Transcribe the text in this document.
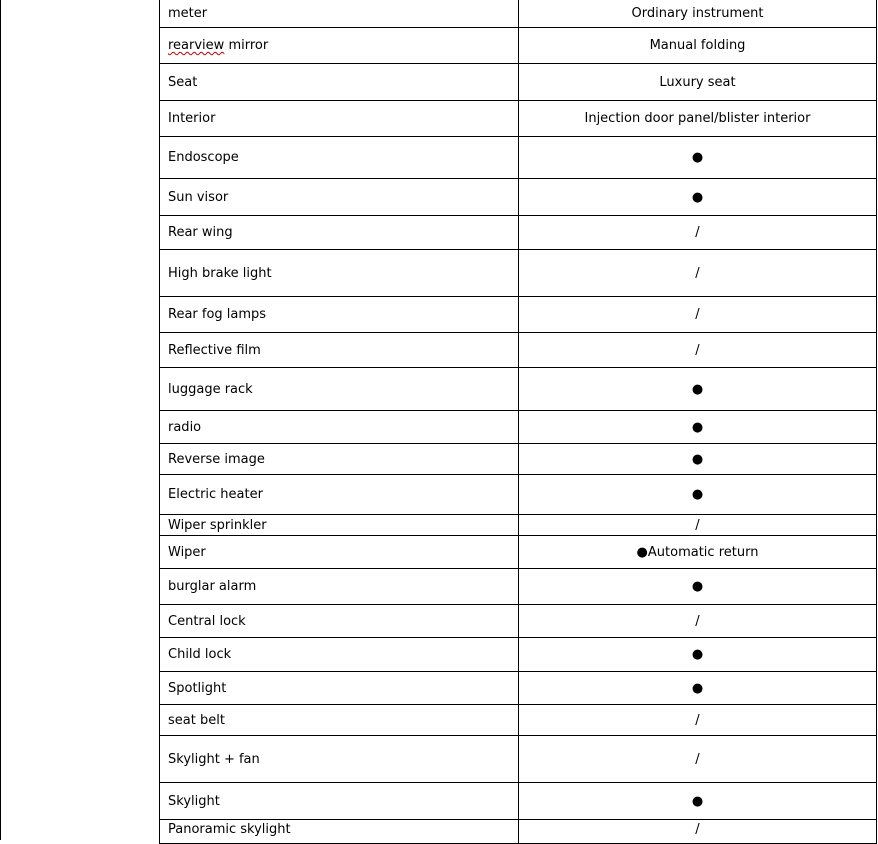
meter	Ordinary instrument
rearview mirror	Manual folding
Seat	Luxury seat
Interior	Injection door panel/blister interior
Endoscope	●
Sun visor	●
Rear wing	/
High brake light	/
Rear fog lamps	/
Reflective film	/
luggage rack	●
radio	●
Reverse image	●
Electric heater	●
Wiper sprinkler	/
Wiper	●Automatic return
burglar alarm	●
Central lock	/
Child lock	●
Spotlight	●
seat belt	/
Skylight + fan	/
Skylight	●
Panoramic skylight	/
